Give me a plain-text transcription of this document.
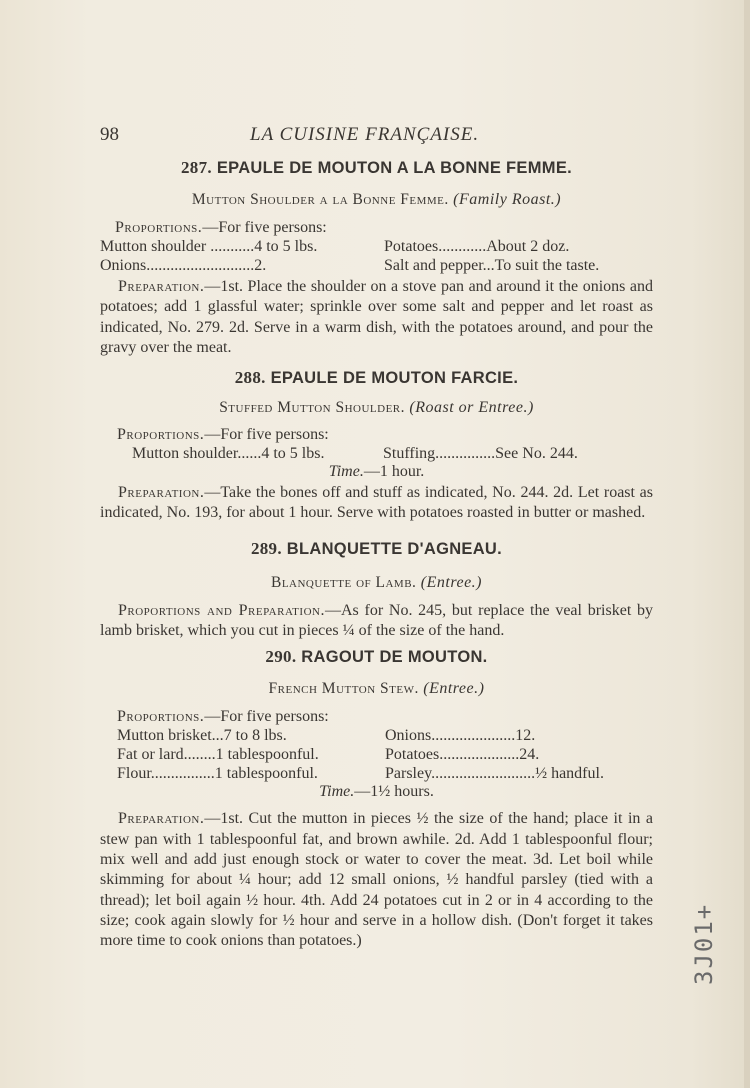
98	LA CUISINE FRANÇAISE.
287. EPAULE DE MOUTON A LA BONNE FEMME.
Mutton Shoulder a la Bonne Femme. (Family Roast.)
Proportions.—For five persons:
Mutton shoulder ...........4 to 5 lbs.	Potatoes............About 2 doz.
Onions...........................2.	Salt and pepper...To suit the taste.
Preparation.—1st. Place the shoulder on a stove pan and around it the onions and potatoes; add 1 glassful water; sprinkle over some salt and pepper and let roast as indicated, No. 279. 2d. Serve in a warm dish, with the potatoes around, and pour the gravy over the meat.
288. EPAULE DE MOUTON FARCIE.
Stuffed Mutton Shoulder. (Roast or Entree.)
Proportions.—For five persons:
Mutton shoulder......4 to 5 lbs.	Stuffing...............See No. 244.
Time.—1 hour.
Preparation.—Take the bones off and stuff as indicated, No. 244. 2d. Let roast as indicated, No. 193, for about 1 hour. Serve with potatoes roasted in butter or mashed.
289. BLANQUETTE D'AGNEAU.
Blanquette of Lamb. (Entree.)
Proportions and Preparation.—As for No. 245, but replace the veal brisket by lamb brisket, which you cut in pieces ¼ of the size of the hand.
290. RAGOUT DE MOUTON.
French Mutton Stew. (Entree.)
Proportions.—For five persons:
Mutton brisket...7 to 8 lbs.	Onions.....................12.
Fat or lard........1 tablespoonful.	Potatoes....................24.
Flour................1 tablespoonful.	Parsley..........................½ handful.
Time.—1½ hours.
Preparation.—1st. Cut the mutton in pieces ½ the size of the hand; place it in a stew pan with 1 tablespoonful fat, and brown awhile. 2d. Add 1 tablespoonful flour; mix well and add just enough stock or water to cover the meat. 3d. Let boil while skimming for about ¼ hour; add 12 small onions, ½ handful parsley (tied with a thread); let boil again ½ hour. 4th. Add 24 potatoes cut in 2 or in 4 according to the size; cook again slowly for ½ hour and serve in a hollow dish. (Don't forget it takes more time to cook onions than potatoes.)	3J01+
